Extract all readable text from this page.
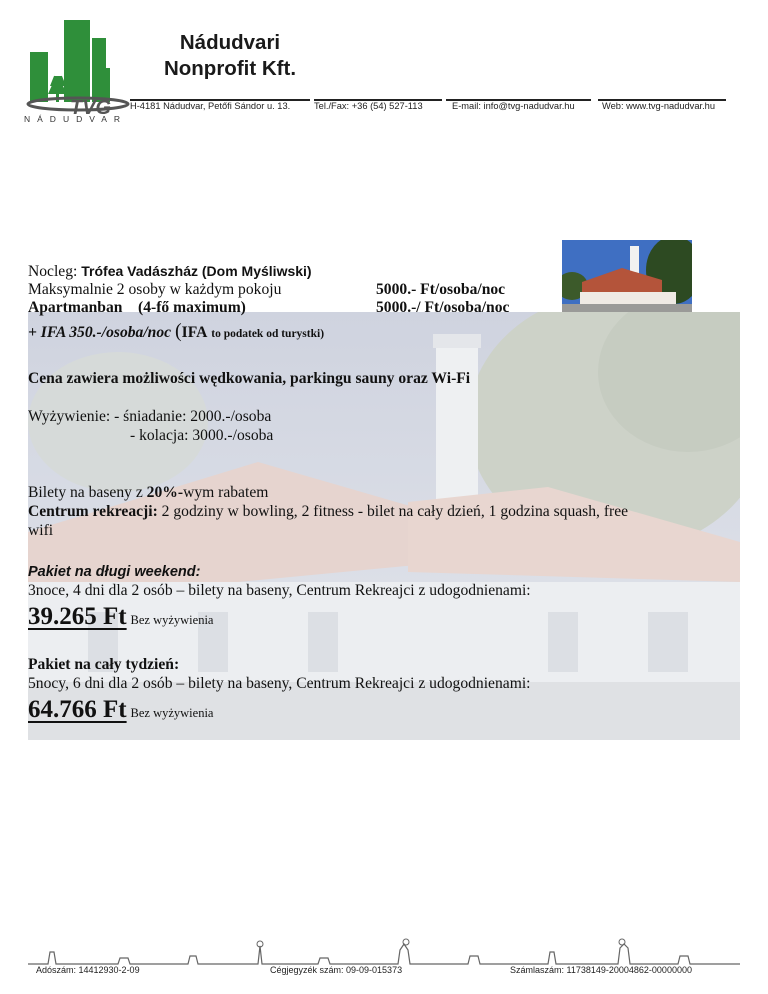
TVG
Nádudvari
Nonprofit Kft.
H-4181 Nádudvar, Petőfi Sándor u. 13.	Tel./Fax: +36 (54) 527-113	E-mail: info@tvg-nadudvar.hu	Web: www.tvg-nadudvar.hu
NÁDUDVAR
Nocleg: Trófea Vadászház (Dom Myśliwski)
Maksymalnie 2 osoby w każdym pokoju	5000.- Ft/osoba/noc
Apartmanban (4-fő maximum)	5000.-/ Ft/osoba/noc
+ IFA 350.-/osoba/noc (IFA to podatek od turystki)
Cena zawiera możliwości wędkowania, parkingu sauny oraz Wi-Fi
Wyżywienie: - śniadanie: 2000.-/osoba
- kolacja: 3000.-/osoba
Bilety na baseny z 20%-wym rabatem
Centrum rekreacji: 2 godziny w bowling, 2 fitness - bilet na cały dzień, 1 godzina squash, free
wifi
Pakiet na długi weekend:
3noce, 4 dni dla 2 osób – bilety na baseny, Centrum Rekreajci z udogodnienami:
39.265 Ft Bez wyżywienia
Pakiet na cały tydzień:
5nocy, 6 dni dla 2 osób – bilety na baseny, Centrum Rekreajci z udogodnienami:
64.766 Ft Bez wyżywienia
Adószám: 14412930-2-09	Cégjegyzék szám: 09-09-015373	Számlaszám: 11738149-20004862-00000000
